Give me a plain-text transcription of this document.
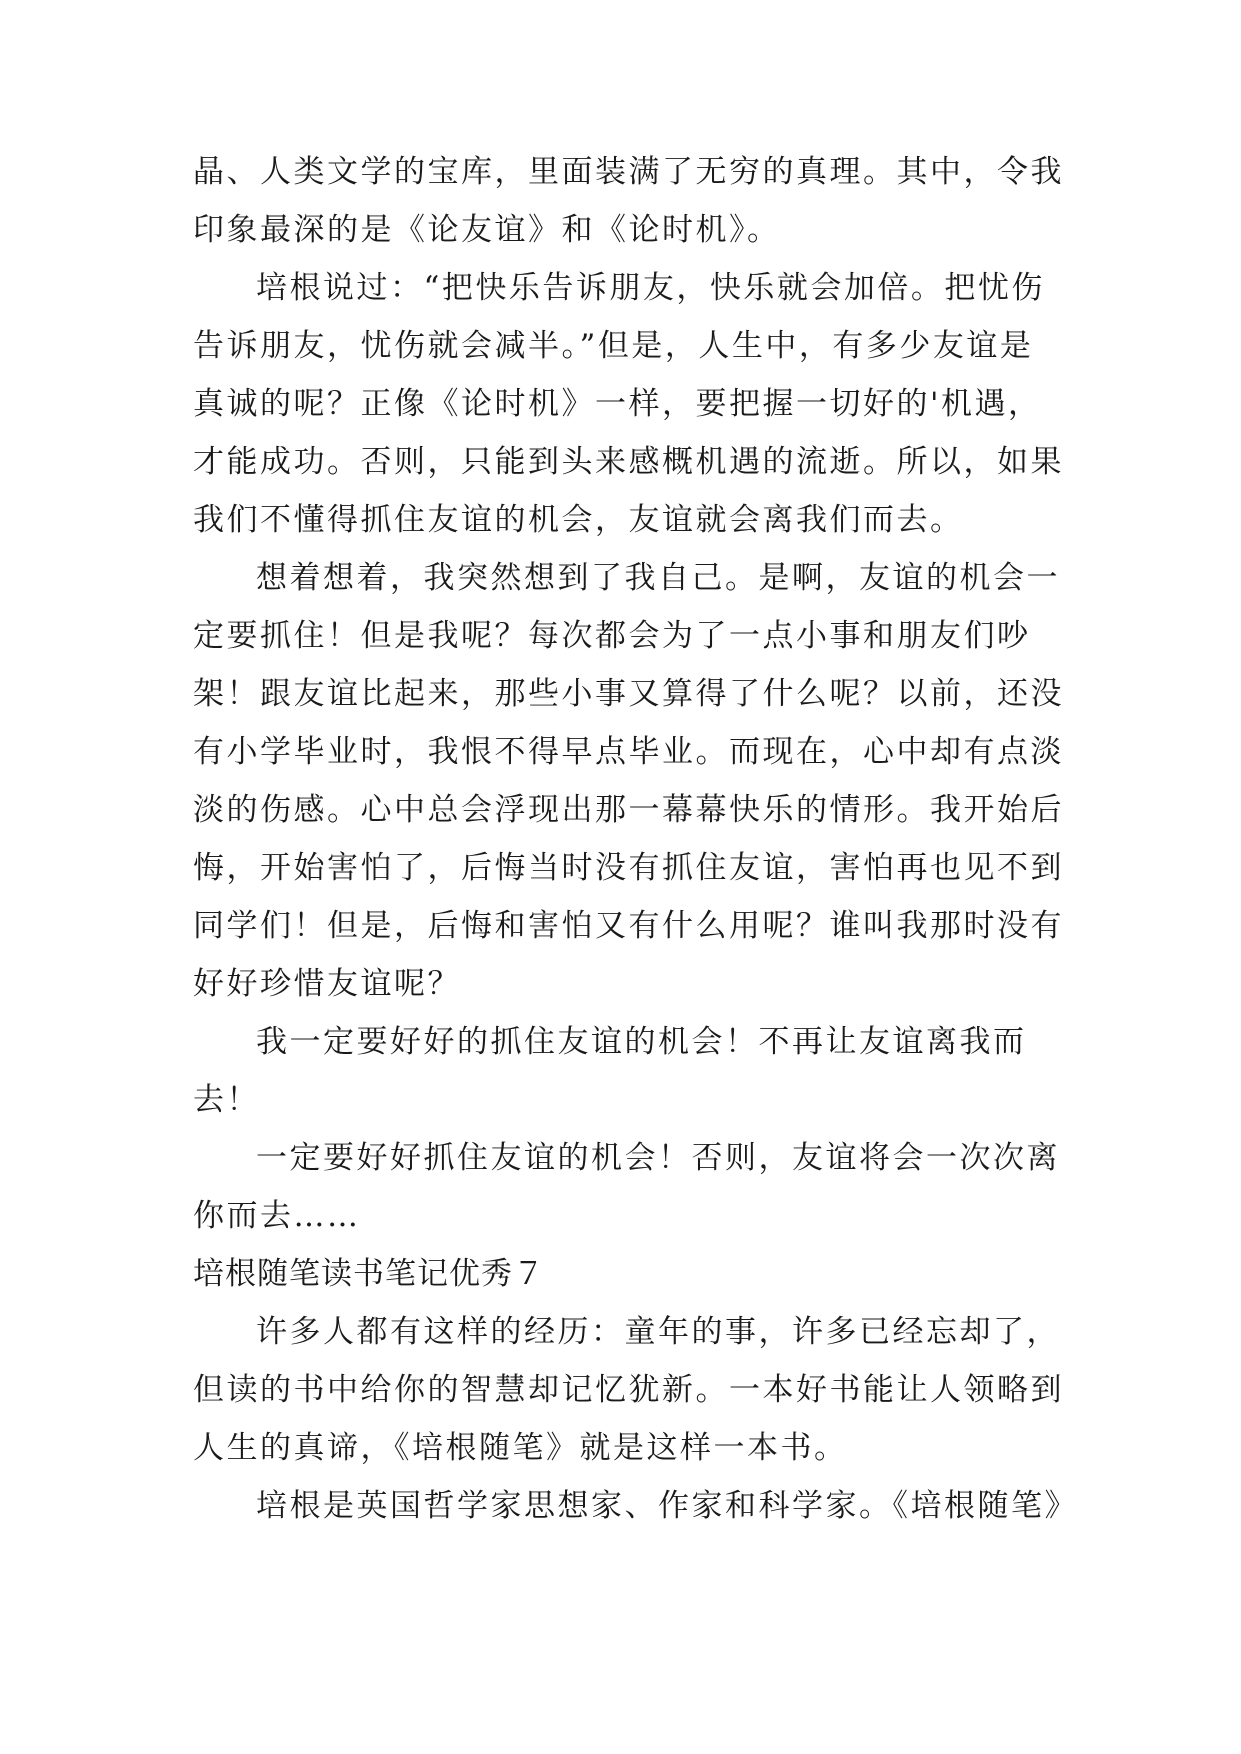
晶、人类文学的宝库，里面装满了无穷的真理。其中，令我
印象最深的是《论友谊》和《论时机》。
培根说过：“把快乐告诉朋友，快乐就会加倍。把忧伤
告诉朋友，忧伤就会减半。”但是，人生中，有多少友谊是
真诚的呢？正像《论时机》一样，要把握一切好的'机遇，
才能成功。否则，只能到头来感概机遇的流逝。所以，如果
我们不懂得抓住友谊的机会，友谊就会离我们而去。
想着想着，我突然想到了我自己。是啊，友谊的机会一
定要抓住！但是我呢？每次都会为了一点小事和朋友们吵
架！跟友谊比起来，那些小事又算得了什么呢？以前，还没
有小学毕业时，我恨不得早点毕业。而现在，心中却有点淡
淡的伤感。心中总会浮现出那一幕幕快乐的情形。我开始后
悔，开始害怕了，后悔当时没有抓住友谊，害怕再也见不到
同学们！但是，后悔和害怕又有什么用呢？谁叫我那时没有
好好珍惜友谊呢？
我一定要好好的抓住友谊的机会！不再让友谊离我而
去！
一定要好好抓住友谊的机会！否则，友谊将会一次次离
你而去……
培根随笔读书笔记优秀７
许多人都有这样的经历：童年的事，许多已经忘却了，
但读的书中给你的智慧却记忆犹新。一本好书能让人领略到
人生的真谛，《培根随笔》就是这样一本书。
培根是英国哲学家思想家、作家和科学家。《培根随笔》
